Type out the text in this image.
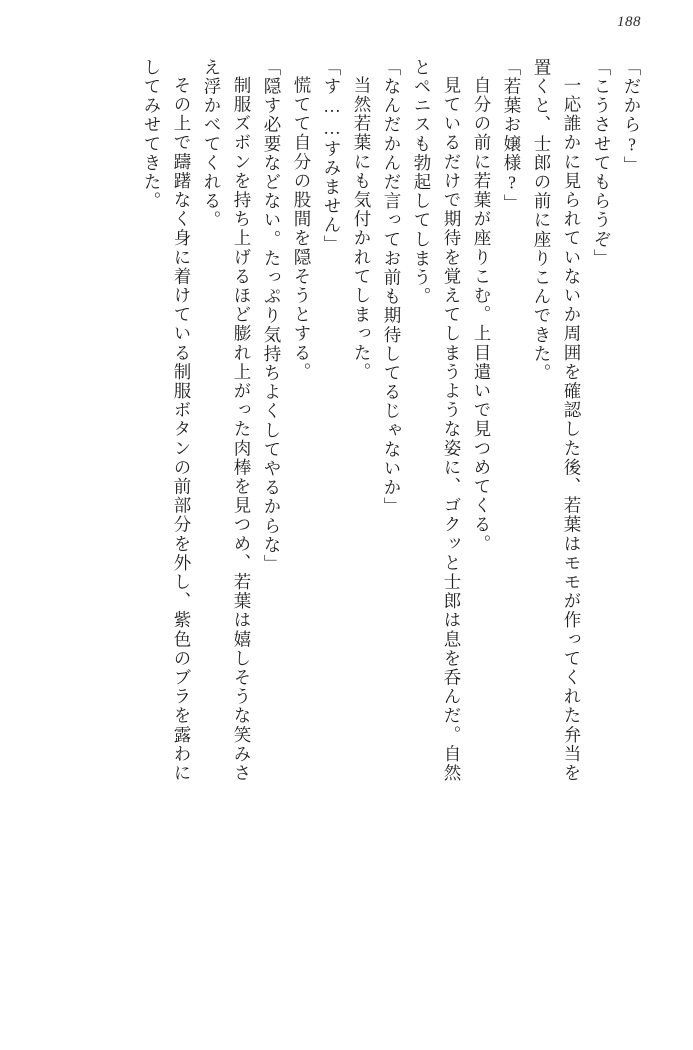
188
「だから?」
「こうさせてもらうぞ」
一応誰かに見られていないか周囲を確認した後、若葉はモモが作ってくれた弁当を
置くと、士郎の前に座りこんできた。
「若葉お嬢様?」
自分の前に若葉が座りこむ。上目遣いで見つめてくる。
見ているだけで期待を覚えてしまうような姿に、ゴクッと士郎は息を呑んだ。自然
とペニスも勃起してしまう。
「なんだかんだ言ってお前も期待してるじゃないか」
当然若葉にも気付かれてしまった。
「す……すみません」
慌てて自分の股間を隠そうとする。
「隠す必要などない。たっぷり気持ちよくしてやるからな」
制服ズボンを持ち上げるほど膨れ上がった肉棒を見つめ、若葉は嬉しそうな笑みさ
え浮かべてくれる。
その上で躊躇なく身に着けている制服ボタンの前部分を外し、紫色のブラを露わに
してみせてきた。
